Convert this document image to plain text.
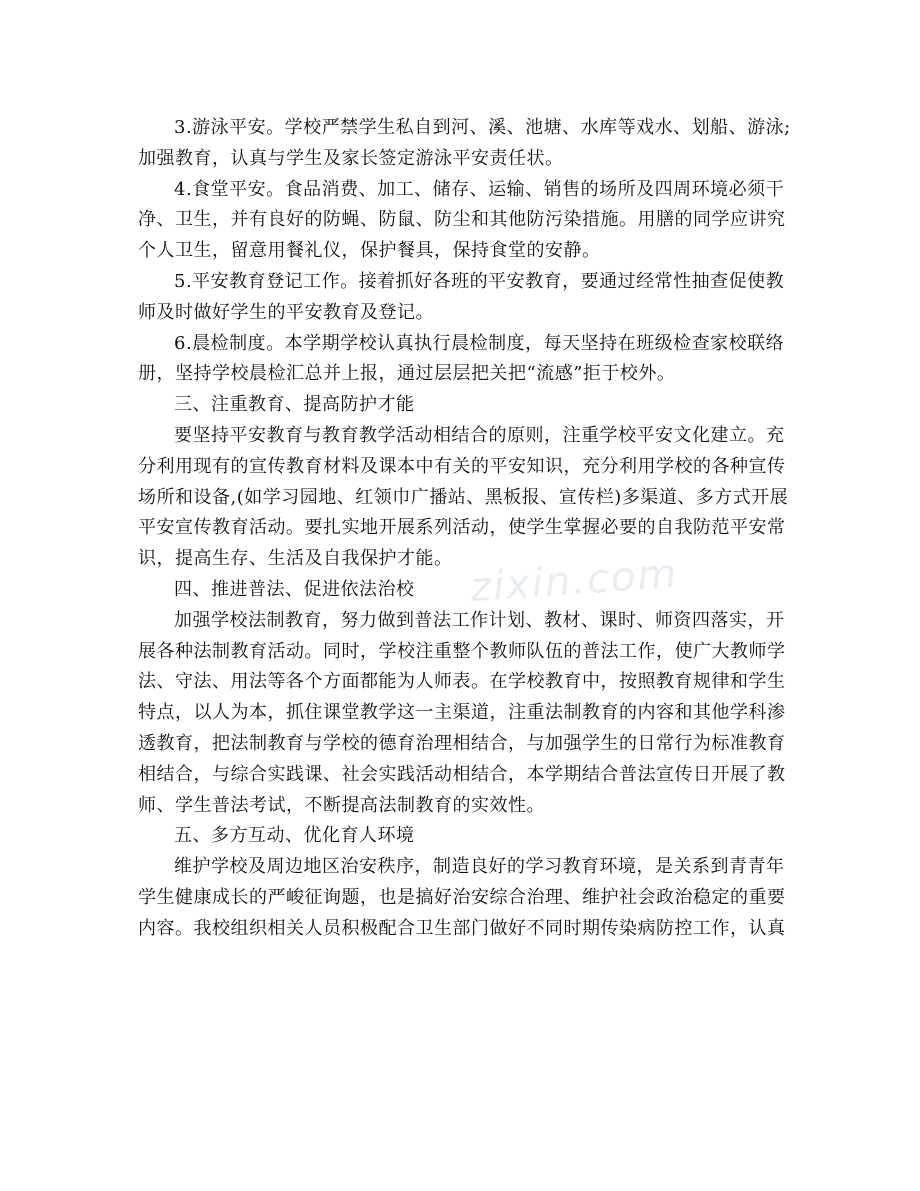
3.游泳平安。学校严禁学生私自到河、溪、池塘、水库等戏水、划船、游泳;
加强教育，认真与学生及家长签定游泳平安责任状。
4.食堂平安。食品消费、加工、储存、运输、销售的场所及四周环境必须干
净、卫生，并有良好的防蝇、防鼠、防尘和其他防污染措施。用膳的同学应讲究
个人卫生，留意用餐礼仪，保护餐具，保持食堂的安静。
5.平安教育登记工作。接着抓好各班的平安教育，要通过经常性抽查促使教
师及时做好学生的平安教育及登记。
6.晨检制度。本学期学校认真执行晨检制度，每天坚持在班级检查家校联络
册，坚持学校晨检汇总并上报，通过层层把关把“流感”拒于校外。
三、注重教育、提高防护才能
要坚持平安教育与教育教学活动相结合的原则，注重学校平安文化建立。充
分利用现有的宣传教育材料及课本中有关的平安知识，充分利用学校的各种宣传
场所和设备,(如学习园地、红领巾广播站、黑板报、宣传栏)多渠道、多方式开展
平安宣传教育活动。要扎实地开展系列活动，使学生掌握必要的自我防范平安常
识，提高生存、生活及自我保护才能。
四、推进普法、促进依法治校
加强学校法制教育，努力做到普法工作计划、教材、课时、师资四落实，开
展各种法制教育活动。同时，学校注重整个教师队伍的普法工作，使广大教师学
法、守法、用法等各个方面都能为人师表。在学校教育中，按照教育规律和学生
特点，以人为本，抓住课堂教学这一主渠道，注重法制教育的内容和其他学科渗
透教育，把法制教育与学校的德育治理相结合，与加强学生的日常行为标准教育
相结合，与综合实践课、社会实践活动相结合，本学期结合普法宣传日开展了教
师、学生普法考试，不断提高法制教育的实效性。
五、多方互动、优化育人环境
维护学校及周边地区治安秩序，制造良好的学习教育环境，是关系到青青年
学生健康成长的严峻征询题，也是搞好治安综合治理、维护社会政治稳定的重要
内容。我校组织相关人员积极配合卫生部门做好不同时期传染病防控工作，认真
zixin.com
